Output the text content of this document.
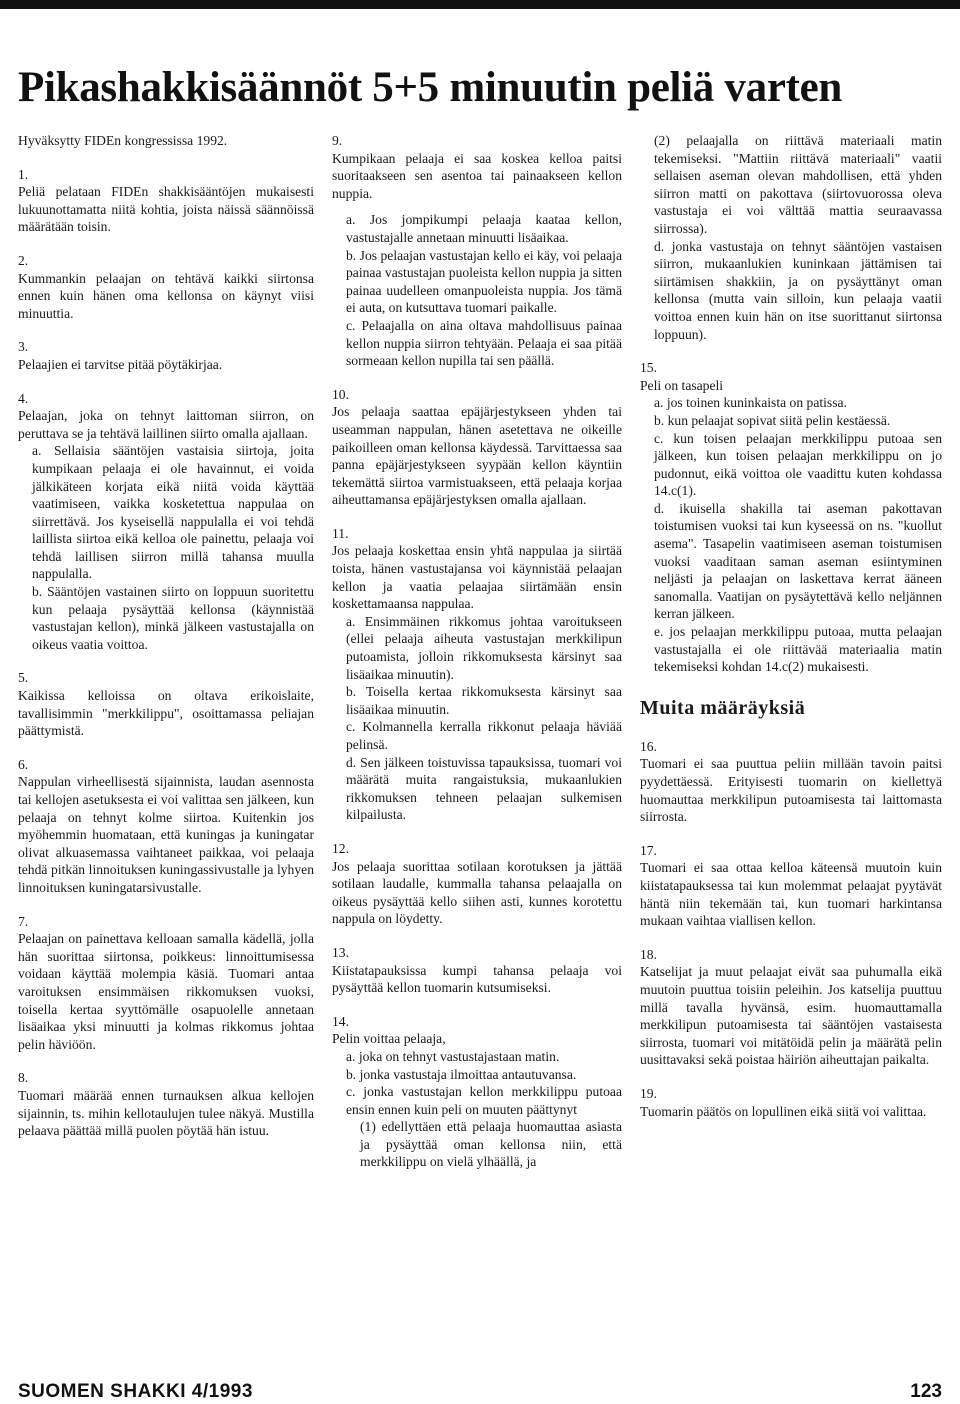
Pikashakkisäännöt 5+5 minuutin peliä varten

Hyväksytty FIDEn kongressissa 1992.

1.

Peliä pelataan FIDEn shakkisääntöjen mukaisesti lukuunottamatta niitä kohtia, joista näissä säännöissä määrätään toisin.

2.

Kummankin pelaajan on tehtävä kaikki siirtonsa ennen kuin hänen oma kellonsa on käynyt viisi minuuttia.

3.

Pelaajien ei tarvitse pitää pöytäkirjaa.

4.

Pelaajan, joka on tehnyt laittoman siirron, on peruttava se ja tehtävä laillinen siirto omalla ajallaan.

a. Sellaisia sääntöjen vastaisia siirtoja, joita kumpikaan pelaaja ei ole havainnut, ei voida jälkikäteen korjata eikä niitä voida käyttää vaatimiseen, vaikka kosketettua nappulaa on siirrettävä. Jos kyseisellä nappulalla ei voi tehdä laillista siirtoa eikä kelloa ole painettu, pelaaja voi tehdä laillisen siirron millä tahansa muulla nappulalla.

b. Sääntöjen vastainen siirto on loppuun suoritettu kun pelaaja pysäyttää kellonsa (käynnistää vastustajan kellon), minkä jälkeen vastustajalla on oikeus vaatia voittoa.

5.

Kaikissa kelloissa on oltava erikoislaite, tavallisimmin "merkkilippu", osoittamassa peliajan päättymistä.

6.

Nappulan virheellisestä sijainnista, laudan asennosta tai kellojen asetuksesta ei voi valittaa sen jälkeen, kun pelaaja on tehnyt kolme siirtoa. Kuitenkin jos myöhemmin huomataan, että kuningas ja kuningatar olivat alkuasemassa vaihtaneet paikkaa, voi pelaaja tehdä pitkän linnoituksen kuningassivustalle ja lyhyen linnoituksen kuningatarsivustalle.

7.

Pelaajan on painettava kelloaan samalla kädellä, jolla hän suorittaa siirtonsa, poikkeus: linnoittumisessa voidaan käyttää molempia käsiä. Tuomari antaa varoituksen ensimmäisen rikkomuksen vuoksi, toisella kertaa syyttömälle osapuolelle annetaan lisäaikaa yksi minuutti ja kolmas rikkomus johtaa pelin häviöön.

8.

Tuomari määrää ennen turnauksen alkua kellojen sijainnin, ts. mihin kellotaulujen tulee näkyä. Mustilla pelaava päättää millä puolen pöytää hän istuu.

9.

Kumpikaan pelaaja ei saa koskea kelloa paitsi suoritaakseen sen asentoa tai painaakseen kellon nuppia.

a. Jos jompikumpi pelaaja kaataa kellon, vastustajalle annetaan minuutti lisäaikaa.

b. Jos pelaajan vastustajan kello ei käy, voi pelaaja painaa vastustajan puoleista kellon nuppia ja sitten painaa uudelleen omanpuoleista nuppia. Jos tämä ei auta, on kutsuttava tuomari paikalle.

c. Pelaajalla on aina oltava mahdollisuus painaa kellon nuppia siirron tehtyään. Pelaaja ei saa pitää sormeaan kellon nupilla tai sen päällä.

10.

Jos pelaaja saattaa epäjärjestykseen yhden tai useamman nappulan, hänen asetettava ne oikeille paikoilleen oman kellonsa käydessä. Tarvittaessa saa panna epäjärjestykseen syypään kellon käyntiin tekemättä siirtoa varmistuakseen, että pelaaja korjaa aiheuttamansa epäjärjestyksen omalla ajallaan.

11.

Jos pelaaja koskettaa ensin yhtä nappulaa ja siirtää toista, hänen vastustajansa voi käynnistää pelaajan kellon ja vaatia pelaajaa siirtämään ensin koskettamaansa nappulaa.

a. Ensimmäinen rikkomus johtaa varoitukseen (ellei pelaaja aiheuta vastustajan merkkilipun putoamista, jolloin rikkomuksesta kärsinyt saa lisäaikaa minuutin).

b. Toisella kertaa rikkomuksesta kärsinyt saa lisäaikaa minuutin.

c. Kolmannella kerralla rikkonut pelaaja häviää pelinsä.

d. Sen jälkeen toistuvissa tapauksissa, tuomari voi määrätä muita rangaistuksia, mukaanlukien rikkomuksen tehneen pelaajan sulkemisen kilpailusta.

12.

Jos pelaaja suorittaa sotilaan korotuksen ja jättää sotilaan laudalle, kummalla tahansa pelaajalla on oikeus pysäyttää kello siihen asti, kunnes korotettu nappula on löydetty.

13.

Kiistatapauksissa kumpi tahansa pelaaja voi pysäyttää kellon tuomarin kutsumiseksi.

14.

Pelin voittaa pelaaja,

a. joka on tehnyt vastustajastaan matin.

b. jonka vastustaja ilmoittaa antautuvansa.

c. jonka vastustajan kellon merkkilippu putoaa ensin ennen kuin peli on muuten päättynyt

(1) edellyttäen että pelaaja huomauttaa asiasta ja pysäyttää oman kellonsa niin, että merkkilippu on vielä ylhäällä, ja

(2) pelaajalla on riittävä materiaali matin tekemiseksi. "Mattiin riittävä materiaali" vaatii sellaisen aseman olevan mahdollisen, että yhden siirron matti on pakottava (siirtovuorossa oleva vastustaja ei voi välttää mattia seuraavassa siirrossa).

d. jonka vastustaja on tehnyt sääntöjen vastaisen siirron, mukaanlukien kuninkaan jättämisen tai siirtämisen shakkiin, ja on pysäyttänyt oman kellonsa (mutta vain silloin, kun pelaaja vaatii voittoa ennen kuin hän on itse suorittanut siirtonsa loppuun).

15.

Peli on tasapeli

a. jos toinen kuninkaista on patissa.

b. kun pelaajat sopivat siitä pelin kestäessä.

c. kun toisen pelaajan merkkilippu putoaa sen jälkeen, kun toisen pelaajan merkkilippu on jo pudonnut, eikä voittoa ole vaadittu kuten kohdassa 14.c(1).

d. ikuisella shakilla tai aseman pakottavan toistumisen vuoksi tai kun kyseessä on ns. "kuollut asema". Tasapelin vaatimiseen aseman toistumisen vuoksi vaaditaan saman aseman esiintyminen neljästi ja pelaajan on laskettava kerrat ääneen sanomalla. Vaatijan on pysäytettävä kello neljännen kerran jälkeen.

e. jos pelaajan merkkilippu putoaa, mutta pelaajan vastustajalla ei ole riittävää materiaalia matin tekemiseksi kohdan 14.c(2) mukaisesti.

Muita määräyksiä

16.

Tuomari ei saa puuttua peliin millään tavoin paitsi pyydettäessä. Erityisesti tuomarin on kiellettyä huomauttaa merkkilipun putoamisesta tai laittomasta siirrosta.

17.

Tuomari ei saa ottaa kelloa käteensä muutoin kuin kiistatapauksessa tai kun molemmat pelaajat pyytävät häntä niin tekemään tai, kun tuomari harkintansa mukaan vaihtaa viallisen kellon.

18.

Katselijat ja muut pelaajat eivät saa puhumalla eikä muutoin puuttua toisiin peleihin. Jos katselija puuttuu millä tavalla hyvänsä, esim. huomauttamalla merkkilipun putoamisesta tai sääntöjen vastaisesta siirrosta, tuomari voi mitätöidä pelin ja määrätä pelin uusittavaksi sekä poistaa häiriön aiheuttajan paikalta.

19.

Tuomarin päätös on lopullinen eikä siitä voi valittaa.

SUOMEN SHAKKI 4/1993	123
